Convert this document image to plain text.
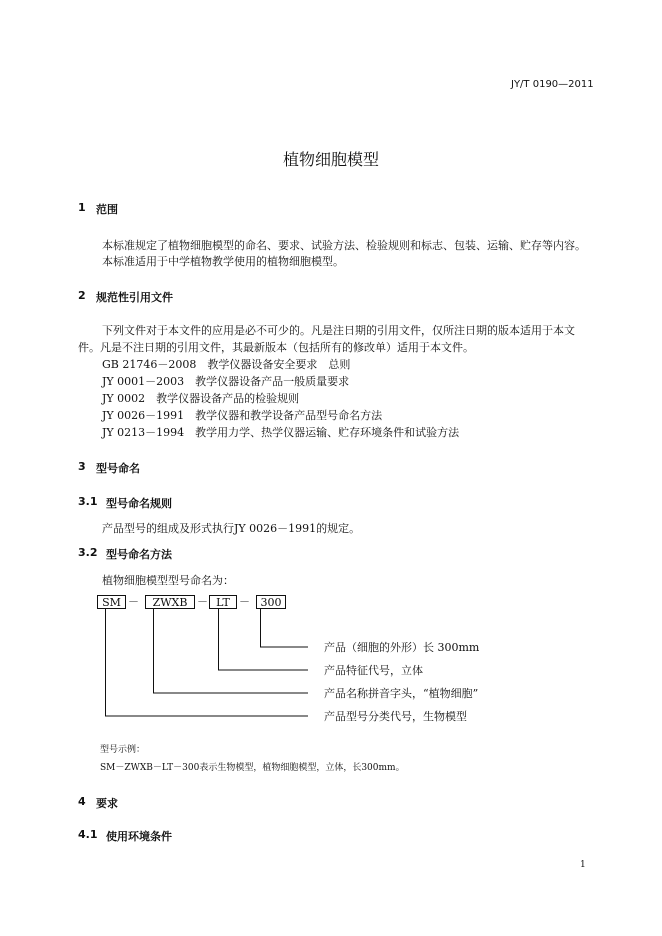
JY/T 0190—2011
植物细胞模型
1 范围
本标准规定了植物细胞模型的命名、要求、试验方法、检验规则和标志、包装、运输、贮存等内容。
本标准适用于中学植物教学使用的植物细胞模型。
2 规范性引用文件
下列文件对于本文件的应用是必不可少的。凡是注日期的引用文件，仅所注日期的版本适用于本文
件。凡是不注日期的引用文件，其最新版本（包括所有的修改单）适用于本文件。
GB 21746－2008　教学仪器设备安全要求　总则
JY 0001－2003　教学仪器设备产品一般质量要求
JY 0002　教学仪器设备产品的检验规则
JY 0026－1991　教学仪器和教学设备产品型号命名方法
JY 0213－1994　教学用力学、热学仪器运输、贮存环境条件和试验方法
3 型号命名
3.1 型号命名规则
产品型号的组成及形式执行JY 0026－1991的规定。
3.2 型号命名方法
植物细胞模型型号命名为：
SM －	ZWXB － LT － 300
产品（细胞的外形）长 300mm
产品特征代号，立体
产品名称拼音字头，“植物细胞”
产品型号分类代号，生物模型
型号示例：
SM－ZWXB－LT－300表示生物模型，植物细胞模型，立体，长300mm。
4 要求
4.1 使用环境条件
1
